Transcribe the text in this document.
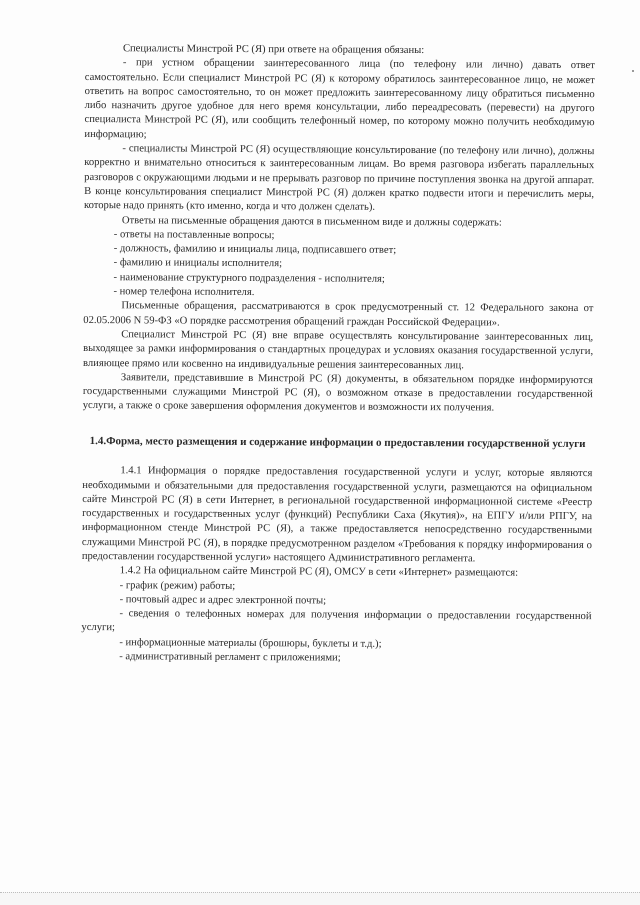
Специалисты Минстрой РС (Я) при ответе на обращения обязаны:

- при устном обращении заинтересованного лица (по телефону или лично) давать ответ самостоятельно. Если специалист Минстрой РС (Я) к которому обратилось заинтересованное лицо, не может ответить на вопрос самостоятельно, то он может предложить заинтересованному лицу обратиться письменно либо назначить другое удобное для него время консультации, либо переадресовать (перевести) на другого специалиста Минстрой РС (Я), или сообщить телефонный номер, по которому можно получить необходимую информацию;

- специалисты Минстрой РС (Я) осуществляющие консультирование (по телефону или лично), должны корректно и внимательно относиться к заинтересованным лицам. Во время разговора избегать параллельных разговоров с окружающими людьми и не прерывать разговор по причине поступления звонка на другой аппарат. В конце консультирования специалист Минстрой РС (Я) должен кратко подвести итоги и перечислить меры, которые надо принять (кто именно, когда и что должен сделать).

Ответы на письменные обращения даются в письменном виде и должны содержать:

- ответы на поставленные вопросы;

- должность, фамилию и инициалы лица, подписавшего ответ;

- фамилию и инициалы исполнителя;

- наименование структурного подразделения - исполнителя;

- номер телефона исполнителя.

Письменные обращения, рассматриваются в срок предусмотренный ст. 12 Федерального закона от 02.05.2006 N 59-ФЗ «О порядке рассмотрения обращений граждан Российской Федерации».

Специалист Минстрой РС (Я) вне вправе осуществлять консультирование заинтересованных лиц, выходящее за рамки информирования о стандартных процедурах и условиях оказания государственной услуги, влияющее прямо или косвенно на индивидуальные решения заинтересованных лиц.

Заявители, представившие в Минстрой РС (Я) документы, в обязательном порядке информируются государственными служащими Минстрой РС (Я), о возможном отказе в предоставлении государственной услуги, а также о сроке завершения оформления документов и возможности их получения.

1.4.Форма, место размещения и содержание информации о предоставлении государственной услуги

1.4.1 Информация о порядке предоставления государственной услуги и услуг, которые являются необходимыми и обязательными для предоставления государственной услуги, размещаются на официальном сайте Минстрой РС (Я) в сети Интернет, в региональной государственной информационной системе «Реестр государственных и государственных услуг (функций) Республики Саха (Якутия)», на ЕПГУ и/или РПГУ, на информационном стенде Минстрой РС (Я), а также предоставляется непосредственно государственными служащими Минстрой РС (Я), в порядке предусмотренном разделом «Требования к порядку информирования о предоставлении государственной услуги» настоящего Административного регламента.

1.4.2 На официальном сайте Минстрой РС (Я), ОМСУ в сети «Интернет» размещаются:

- график (режим) работы;

- почтовый адрес и адрес электронной почты;

- сведения о телефонных номерах для получения информации о предоставлении государственной услуги;

- информационные материалы (брошюры, буклеты и т.д.);

- административный регламент с приложениями;
